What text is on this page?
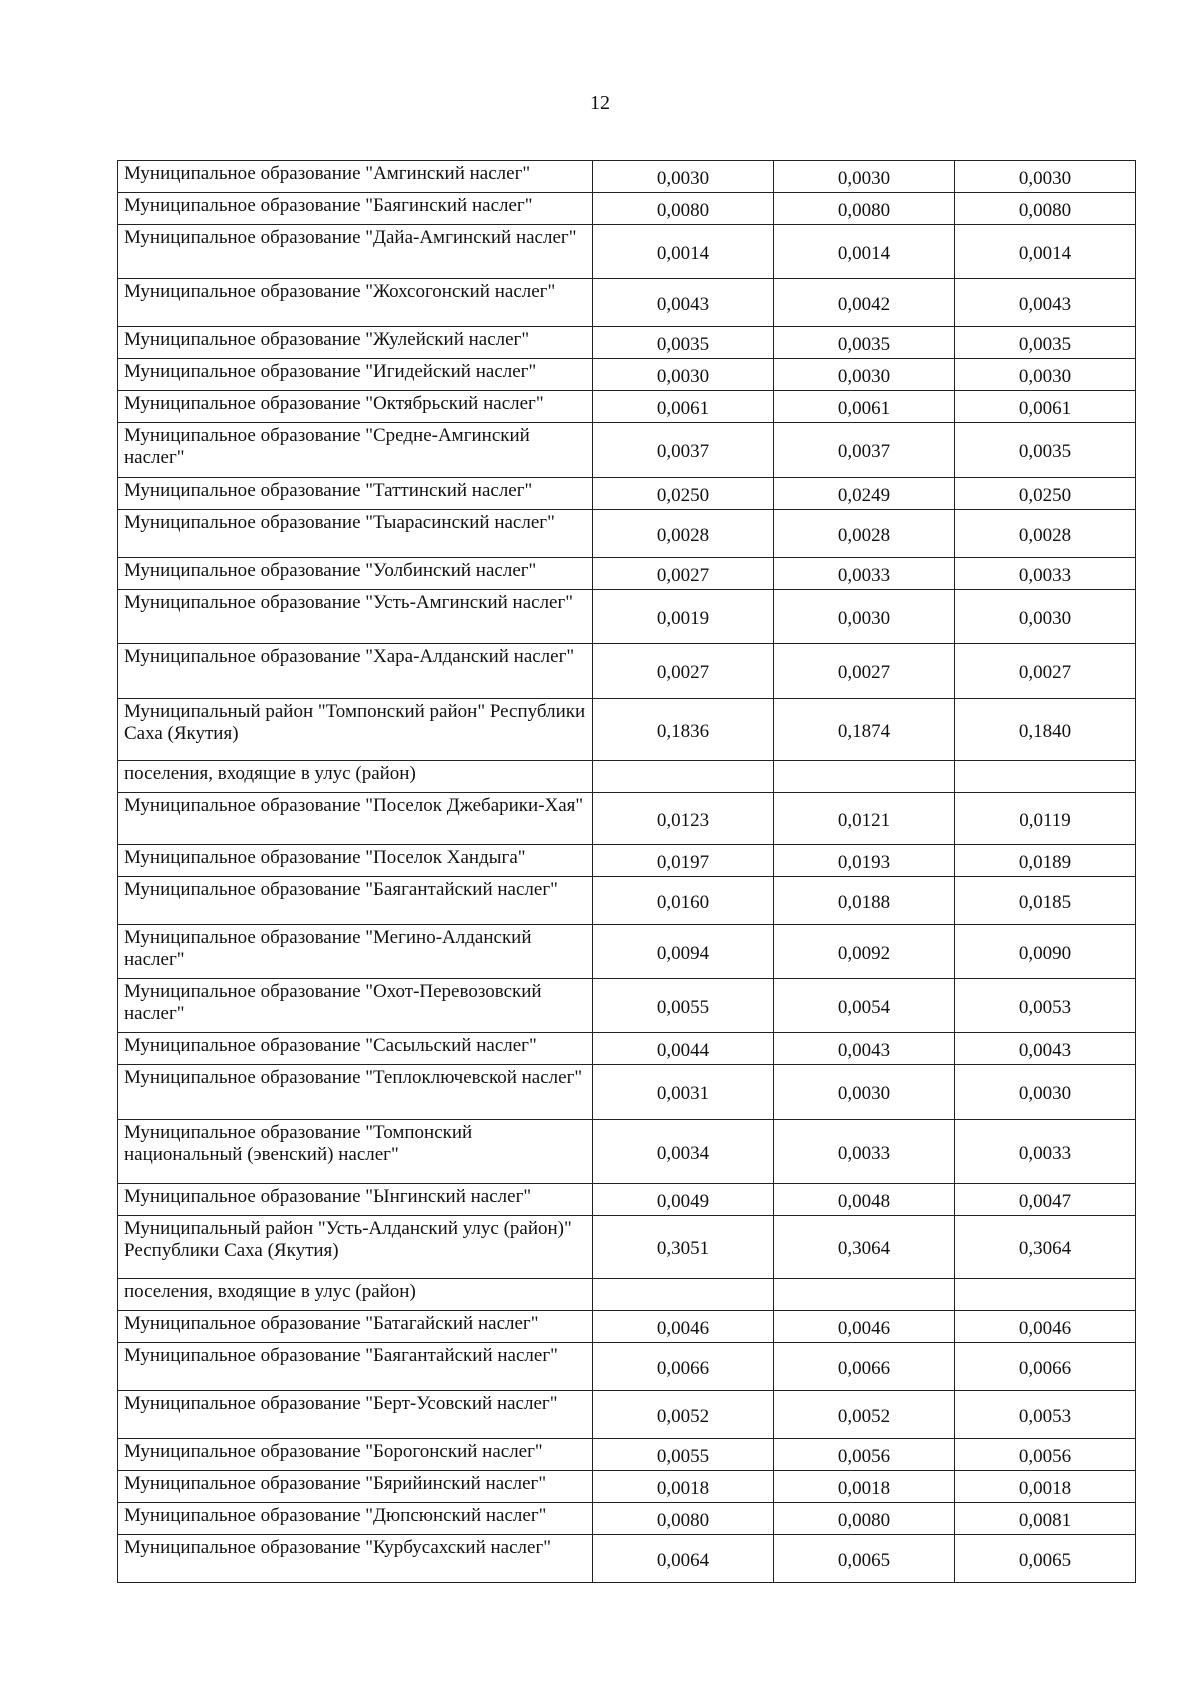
12
Муниципальное образование "Амгинский наслег"	0,0030	0,0030	0,0030
Муниципальное образование "Баягинский наслег"	0,0080	0,0080	0,0080
Муниципальное образование "Дайа-Амгинский наслег"	0,0014	0,0014	0,0014
Муниципальное образование "Жохсогонский наслег"	0,0043	0,0042	0,0043
Муниципальное образование "Жулейский наслег"	0,0035	0,0035	0,0035
Муниципальное образование "Игидейский наслег"	0,0030	0,0030	0,0030
Муниципальное образование "Октябрьский наслег"	0,0061	0,0061	0,0061
Муниципальное образование "Средне-Амгинский наслег"	0,0037	0,0037	0,0035
Муниципальное образование "Таттинский наслег"	0,0250	0,0249	0,0250
Муниципальное образование "Тыарасинский наслег"	0,0028	0,0028	0,0028
Муниципальное образование "Уолбинский наслег"	0,0027	0,0033	0,0033
Муниципальное образование "Усть-Амгинский наслег"	0,0019	0,0030	0,0030
Муниципальное образование "Хара-Алданский наслег"	0,0027	0,0027	0,0027
Муниципальный район "Томпонский район" Республики Саха (Якутия)	0,1836	0,1874	0,1840
поселения, входящие в улус (район)			
Муниципальное образование "Поселок Джебарики-Хая"	0,0123	0,0121	0,0119
Муниципальное образование "Поселок Хандыга"	0,0197	0,0193	0,0189
Муниципальное образование "Баягантайский наслег"	0,0160	0,0188	0,0185
Муниципальное образование "Мегино-Алданский наслег"	0,0094	0,0092	0,0090
Муниципальное образование "Охот-Перевозовский наслег"	0,0055	0,0054	0,0053
Муниципальное образование "Сасыльский наслег"	0,0044	0,0043	0,0043
Муниципальное образование "Теплоключевской наслег"	0,0031	0,0030	0,0030
Муниципальное образование "Томпонский национальный (эвенский) наслег"	0,0034	0,0033	0,0033
Муниципальное образование "Ынгинский наслег"	0,0049	0,0048	0,0047
Муниципальный район "Усть-Алданский улус (район)" Республики Саха (Якутия)	0,3051	0,3064	0,3064
поселения, входящие в улус (район)			
Муниципальное образование "Батагайский наслег"	0,0046	0,0046	0,0046
Муниципальное образование "Баягантайский наслег"	0,0066	0,0066	0,0066
Муниципальное образование "Берт-Усовский наслег"	0,0052	0,0052	0,0053
Муниципальное образование "Борогонский наслег"	0,0055	0,0056	0,0056
Муниципальное образование "Бярийинский наслег"	0,0018	0,0018	0,0018
Муниципальное образование "Дюпсюнский наслег"	0,0080	0,0080	0,0081
Муниципальное образование "Курбусахский наслег"	0,0064	0,0065	0,0065
